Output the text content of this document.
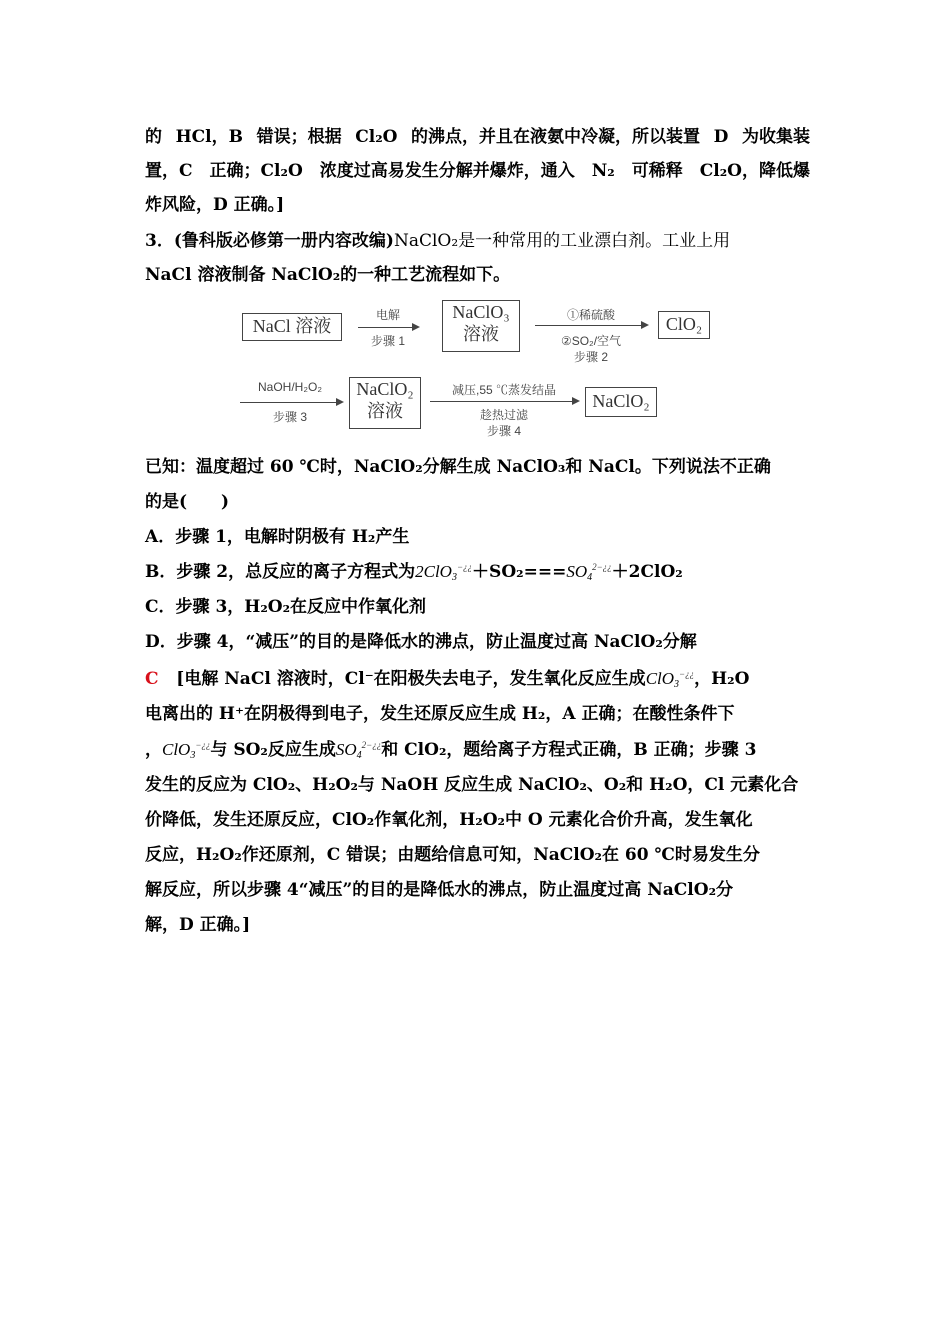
的 HCl，B 错误；根据 Cl₂O 的沸点，并且在液氨中冷凝，所以装置 D 为收集装
置，C 正确；Cl₂O 浓度过高易发生分解并爆炸，通入 N₂ 可稀释 Cl₂O，降低爆
炸风险，D 正确。]
3．(鲁科版必修第一册内容改编)NaClO₂是一种常用的工业漂白剂。工业上用
NaCl 溶液制备 NaClO₂的一种工艺流程如下。
NaCl 溶液
电解
步骤 1
NaClO₃
溶液
①稀硫酸
②SO₂/空气
步骤 2
ClO₂
NaOH/H₂O₂
步骤 3
NaClO₂
溶液
减压,55 ℃蒸发结晶
趁热过滤
步骤 4
NaClO₂
已知：温度超过 60 ℃时，NaClO₂分解生成 NaClO₃和 NaCl。下列说法不正确
的是(　　)
A．步骤 1，电解时阴极有 H₂产生
B．步骤 2，总反应的离子方程式为$2ClO_3^{-¿¿}+SO_2===SO_4^{2-¿¿}+2ClO_2$
C．步骤 3，H₂O₂在反应中作氧化剂
D．步骤 4，“减压”的目的是降低水的沸点，防止温度过高 NaClO₂分解
C [电解 NaCl 溶液时，Cl⁻在阳极失去电子，发生氧化反应生成ClO$_3$−¿¿，H₂O
电离出的 H⁺在阴极得到电子，发生还原反应生成 H₂，A 正确；在酸性条件下
，ClO$_3$−¿¿与 SO₂反应生成$SO_4^{2-¿¿}$和 ClO₂，题给离子方程式正确，B 正确；步骤 3
发生的反应为 ClO₂、H₂O₂与 NaOH 反应生成 NaClO₂、O₂和 H₂O，Cl 元素化合
价降低，发生还原反应，ClO₂作氧化剂，H₂O₂中 O 元素化合价升高，发生氧化
反应，H₂O₂作还原剂，C 错误；由题给信息可知，NaClO₂在 60 ℃时易发生分
解反应，所以步骤 4“减压”的目的是降低水的沸点，防止温度过高 NaClO₂分
解，D 正确。]
